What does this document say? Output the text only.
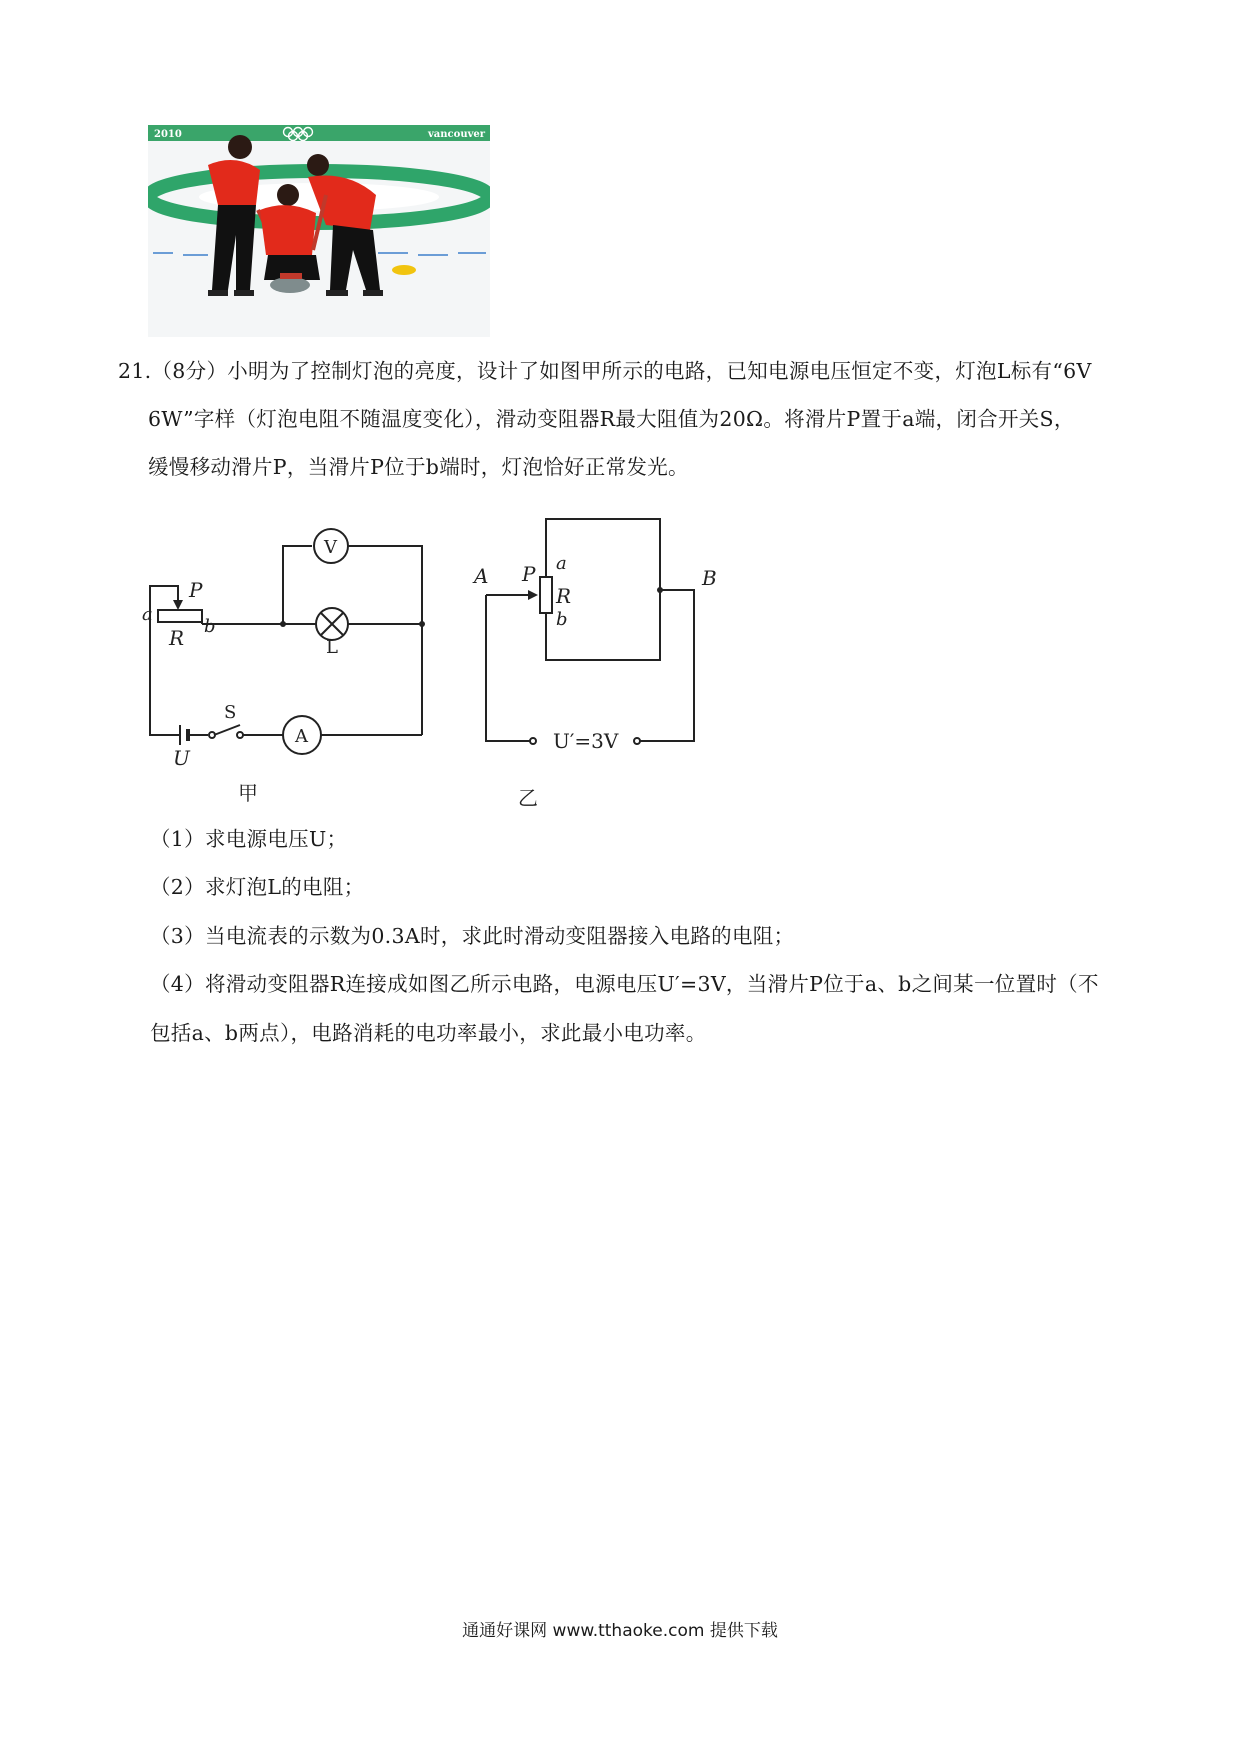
2010	vancouver
21.（8分）小明为了控制灯泡的亮度，设计了如图甲所示的电路，已知电源电压恒定不变，灯泡L标有“6V
6W”字样（灯泡电阻不随温度变化），滑动变阻器R最大阻值为20Ω。将滑片P置于a端，闭合开关S，
缓慢移动滑片P，当滑片P位于b端时，灯泡恰好正常发光。
P
a
R b
V
L
S
A
U
甲
A P a
R
b
B
U′=3V
乙
（1）求电源电压U；
（2）求灯泡L的电阻；
（3）当电流表的示数为0.3A时，求此时滑动变阻器接入电路的电阻；
（4）将滑动变阻器R连接成如图乙所示电路，电源电压U′=3V，当滑片P位于a、b之间某一位置时（不
包括a、b两点），电路消耗的电功率最小，求此最小电功率。
通通好课网 www.tthaoke.com 提供下载
